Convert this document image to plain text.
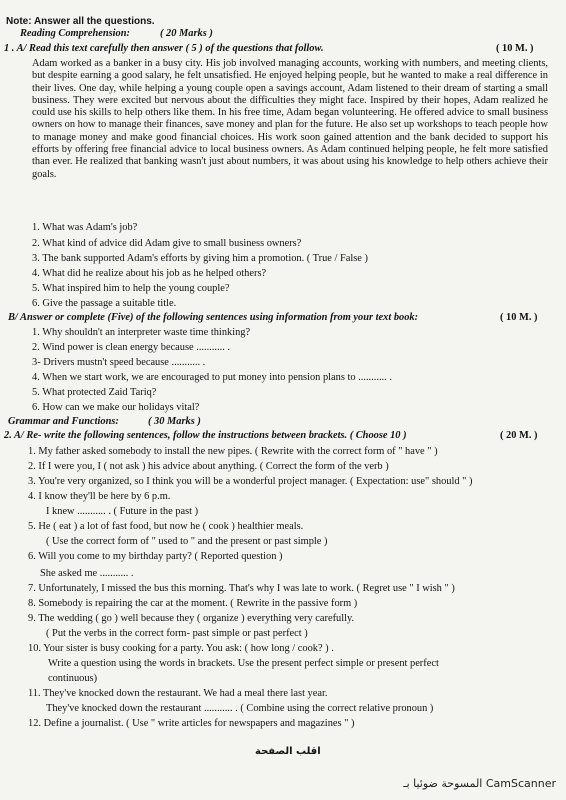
Note: Answer all the questions.
Reading Comprehension:	( 20 Marks )
1 . A/ Read this text carefully then answer ( 5 ) of the questions that follow.	( 10 M. )
Adam worked as a banker in a busy city. His job involved managing accounts, working with numbers, and meeting clients, but despite earning a good salary, he felt unsatisfied. He enjoyed helping people, but he wanted to make a real difference in their lives. One day, while helping a young couple open a savings account, Adam listened to their dream of starting a small business. They were excited but nervous about the difficulties they might face. Inspired by their hopes, Adam realized he could use his skills to help others like them. In his free time, Adam began volunteering. He offered advice to small business owners on how to manage their finances, save money and plan for the future. He also set up workshops to teach people how to manage money and make good financial choices. His work soon gained attention and the bank decided to support his efforts by offering free financial advice to local business owners. As Adam continued helping people, he felt more satisfied than ever. He realized that banking wasn't just about numbers, it was about using his knowledge to help others achieve their goals.
1. What was Adam's job?
2. What kind of advice did Adam give to small business owners?
3. The bank supported Adam's efforts by giving him a promotion. ( True / False )
4. What did he realize about his job as he helped others?
5. What inspired him to help the young couple?
6. Give the passage a suitable title.
B/ Answer or complete (Five) of the following sentences using information from your text book:	( 10 M. )
1. Why shouldn't an interpreter waste time thinking?
2. Wind power is clean energy because ........... .
3- Drivers mustn't speed because ........... .
4. When we start work, we are encouraged to put money into pension plans to ........... .
5. What protected Zaid Tariq?
6. How can we make our holidays vital?
Grammar and Functions:	( 30 Marks )
2. A/ Re- write the following sentences, follow the instructions between brackets. ( Choose 10 )	( 20 M. )
1. My father asked somebody to install the new pipes. ( Rewrite with the correct form of " have " )
2. If I were you, I ( not ask ) his advice about anything. ( Correct the form of the verb )
3. You're very organized, so I think you will be a wonderful project manager. ( Expectation: use" should " )
4. I know they'll be here by 6 p.m.
I knew ........... . ( Future in the past )
5. He ( eat ) a lot of fast food, but now he ( cook ) healthier meals.
( Use the correct form of " used to " and the present or past simple )
6. Will you come to my birthday party? ( Reported question )
She asked me ........... .
7. Unfortunately, I missed the bus this morning. That's why I was late to work. ( Regret use " I wish " )
8. Somebody is repairing the car at the moment. ( Rewrite in the passive form )
9. The wedding ( go ) well because they ( organize ) everything very carefully.
( Put the verbs in the correct form- past simple or past perfect )
10. Your sister is busy cooking for a party. You ask: ( how long / cook? ) .
Write a question using the words in brackets. Use the present perfect simple or present perfect
continuous)
11. They've knocked down the restaurant. We had a meal there last year.
They've knocked down the restaurant ........... . ( Combine using the correct relative pronoun )
12. Define a journalist. ( Use " write articles for newspapers and magazines " )
اقلب الصفحة
المسوحة ضوئيا بـ CamScanner
